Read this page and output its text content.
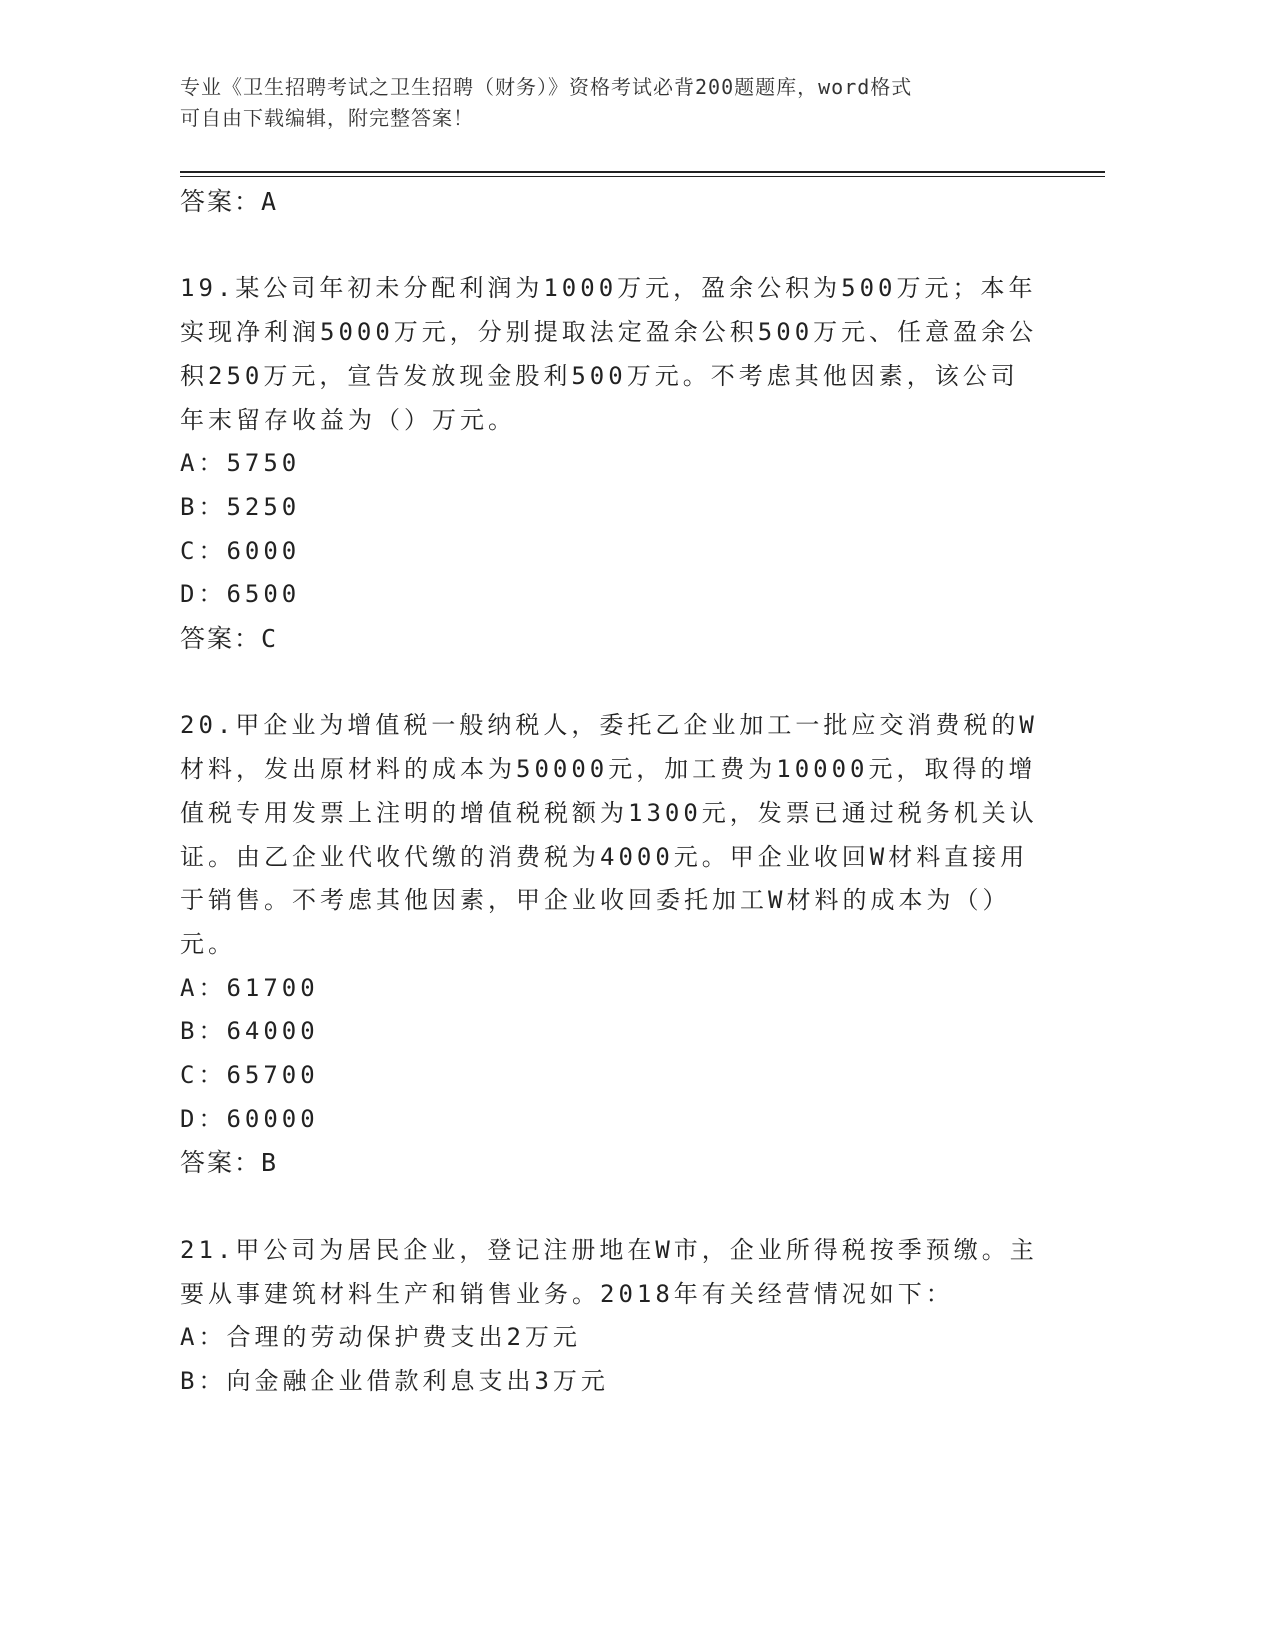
专业《卫生招聘考试之卫生招聘（财务）》资格考试必背200题题库，word格式
可自由下载编辑，附完整答案！
答案：A
19.某公司年初未分配利润为1000万元，盈余公积为500万元；本年
实现净利润5000万元，分别提取法定盈余公积500万元、任意盈余公
积250万元，宣告发放现金股利500万元。不考虑其他因素，该公司
年末留存收益为（）万元。
A：5750
B：5250
C：6000
D：6500
答案：C
20.甲企业为增值税一般纳税人，委托乙企业加工一批应交消费税的W
材料，发出原材料的成本为50000元，加工费为10000元，取得的增
值税专用发票上注明的增值税税额为1300元，发票已通过税务机关认
证。由乙企业代收代缴的消费税为4000元。甲企业收回W材料直接用
于销售。不考虑其他因素，甲企业收回委托加工W材料的成本为（）
元。
A：61700
B：64000
C：65700
D：60000
答案：B
21.甲公司为居民企业，登记注册地在W市，企业所得税按季预缴。主
要从事建筑材料生产和销售业务。2018年有关经营情况如下：
A：合理的劳动保护费支出2万元
B：向金融企业借款利息支出3万元
